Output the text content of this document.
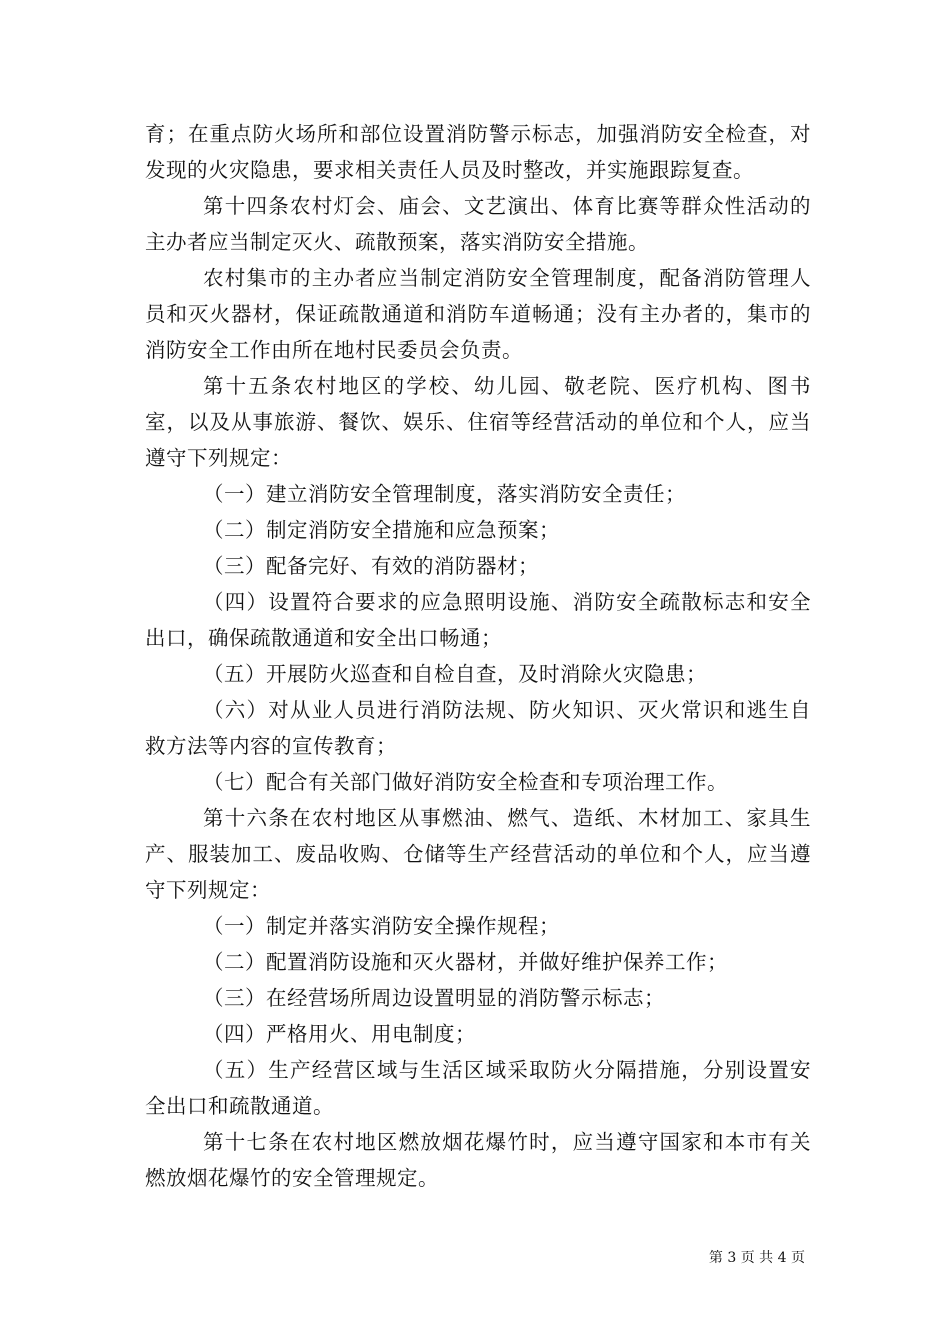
育；在重点防火场所和部位设置消防警示标志，加强消防安全检查，对发现的火灾隐患，要求相关责任人员及时整改，并实施跟踪复查。

第十四条农村灯会、庙会、文艺演出、体育比赛等群众性活动的主办者应当制定灭火、疏散预案，落实消防安全措施。

农村集市的主办者应当制定消防安全管理制度，配备消防管理人员和灭火器材，保证疏散通道和消防车道畅通；没有主办者的，集市的消防安全工作由所在地村民委员会负责。

第十五条农村地区的学校、幼儿园、敬老院、医疗机构、图书室，以及从事旅游、餐饮、娱乐、住宿等经营活动的单位和个人，应当遵守下列规定：

（一）建立消防安全管理制度，落实消防安全责任；

（二）制定消防安全措施和应急预案；

（三）配备完好、有效的消防器材；

（四）设置符合要求的应急照明设施、消防安全疏散标志和安全出口，确保疏散通道和安全出口畅通；

（五）开展防火巡查和自检自查，及时消除火灾隐患；

（六）对从业人员进行消防法规、防火知识、灭火常识和逃生自救方法等内容的宣传教育；

（七）配合有关部门做好消防安全检查和专项治理工作。

第十六条在农村地区从事燃油、燃气、造纸、木材加工、家具生产、服装加工、废品收购、仓储等生产经营活动的单位和个人，应当遵守下列规定：

（一）制定并落实消防安全操作规程；

（二）配置消防设施和灭火器材，并做好维护保养工作；

（三）在经营场所周边设置明显的消防警示标志；

（四）严格用火、用电制度；

（五）生产经营区域与生活区域采取防火分隔措施，分别设置安全出口和疏散通道。

第十七条在农村地区燃放烟花爆竹时，应当遵守国家和本市有关燃放烟花爆竹的安全管理规定。

第 3 页 共 4 页
